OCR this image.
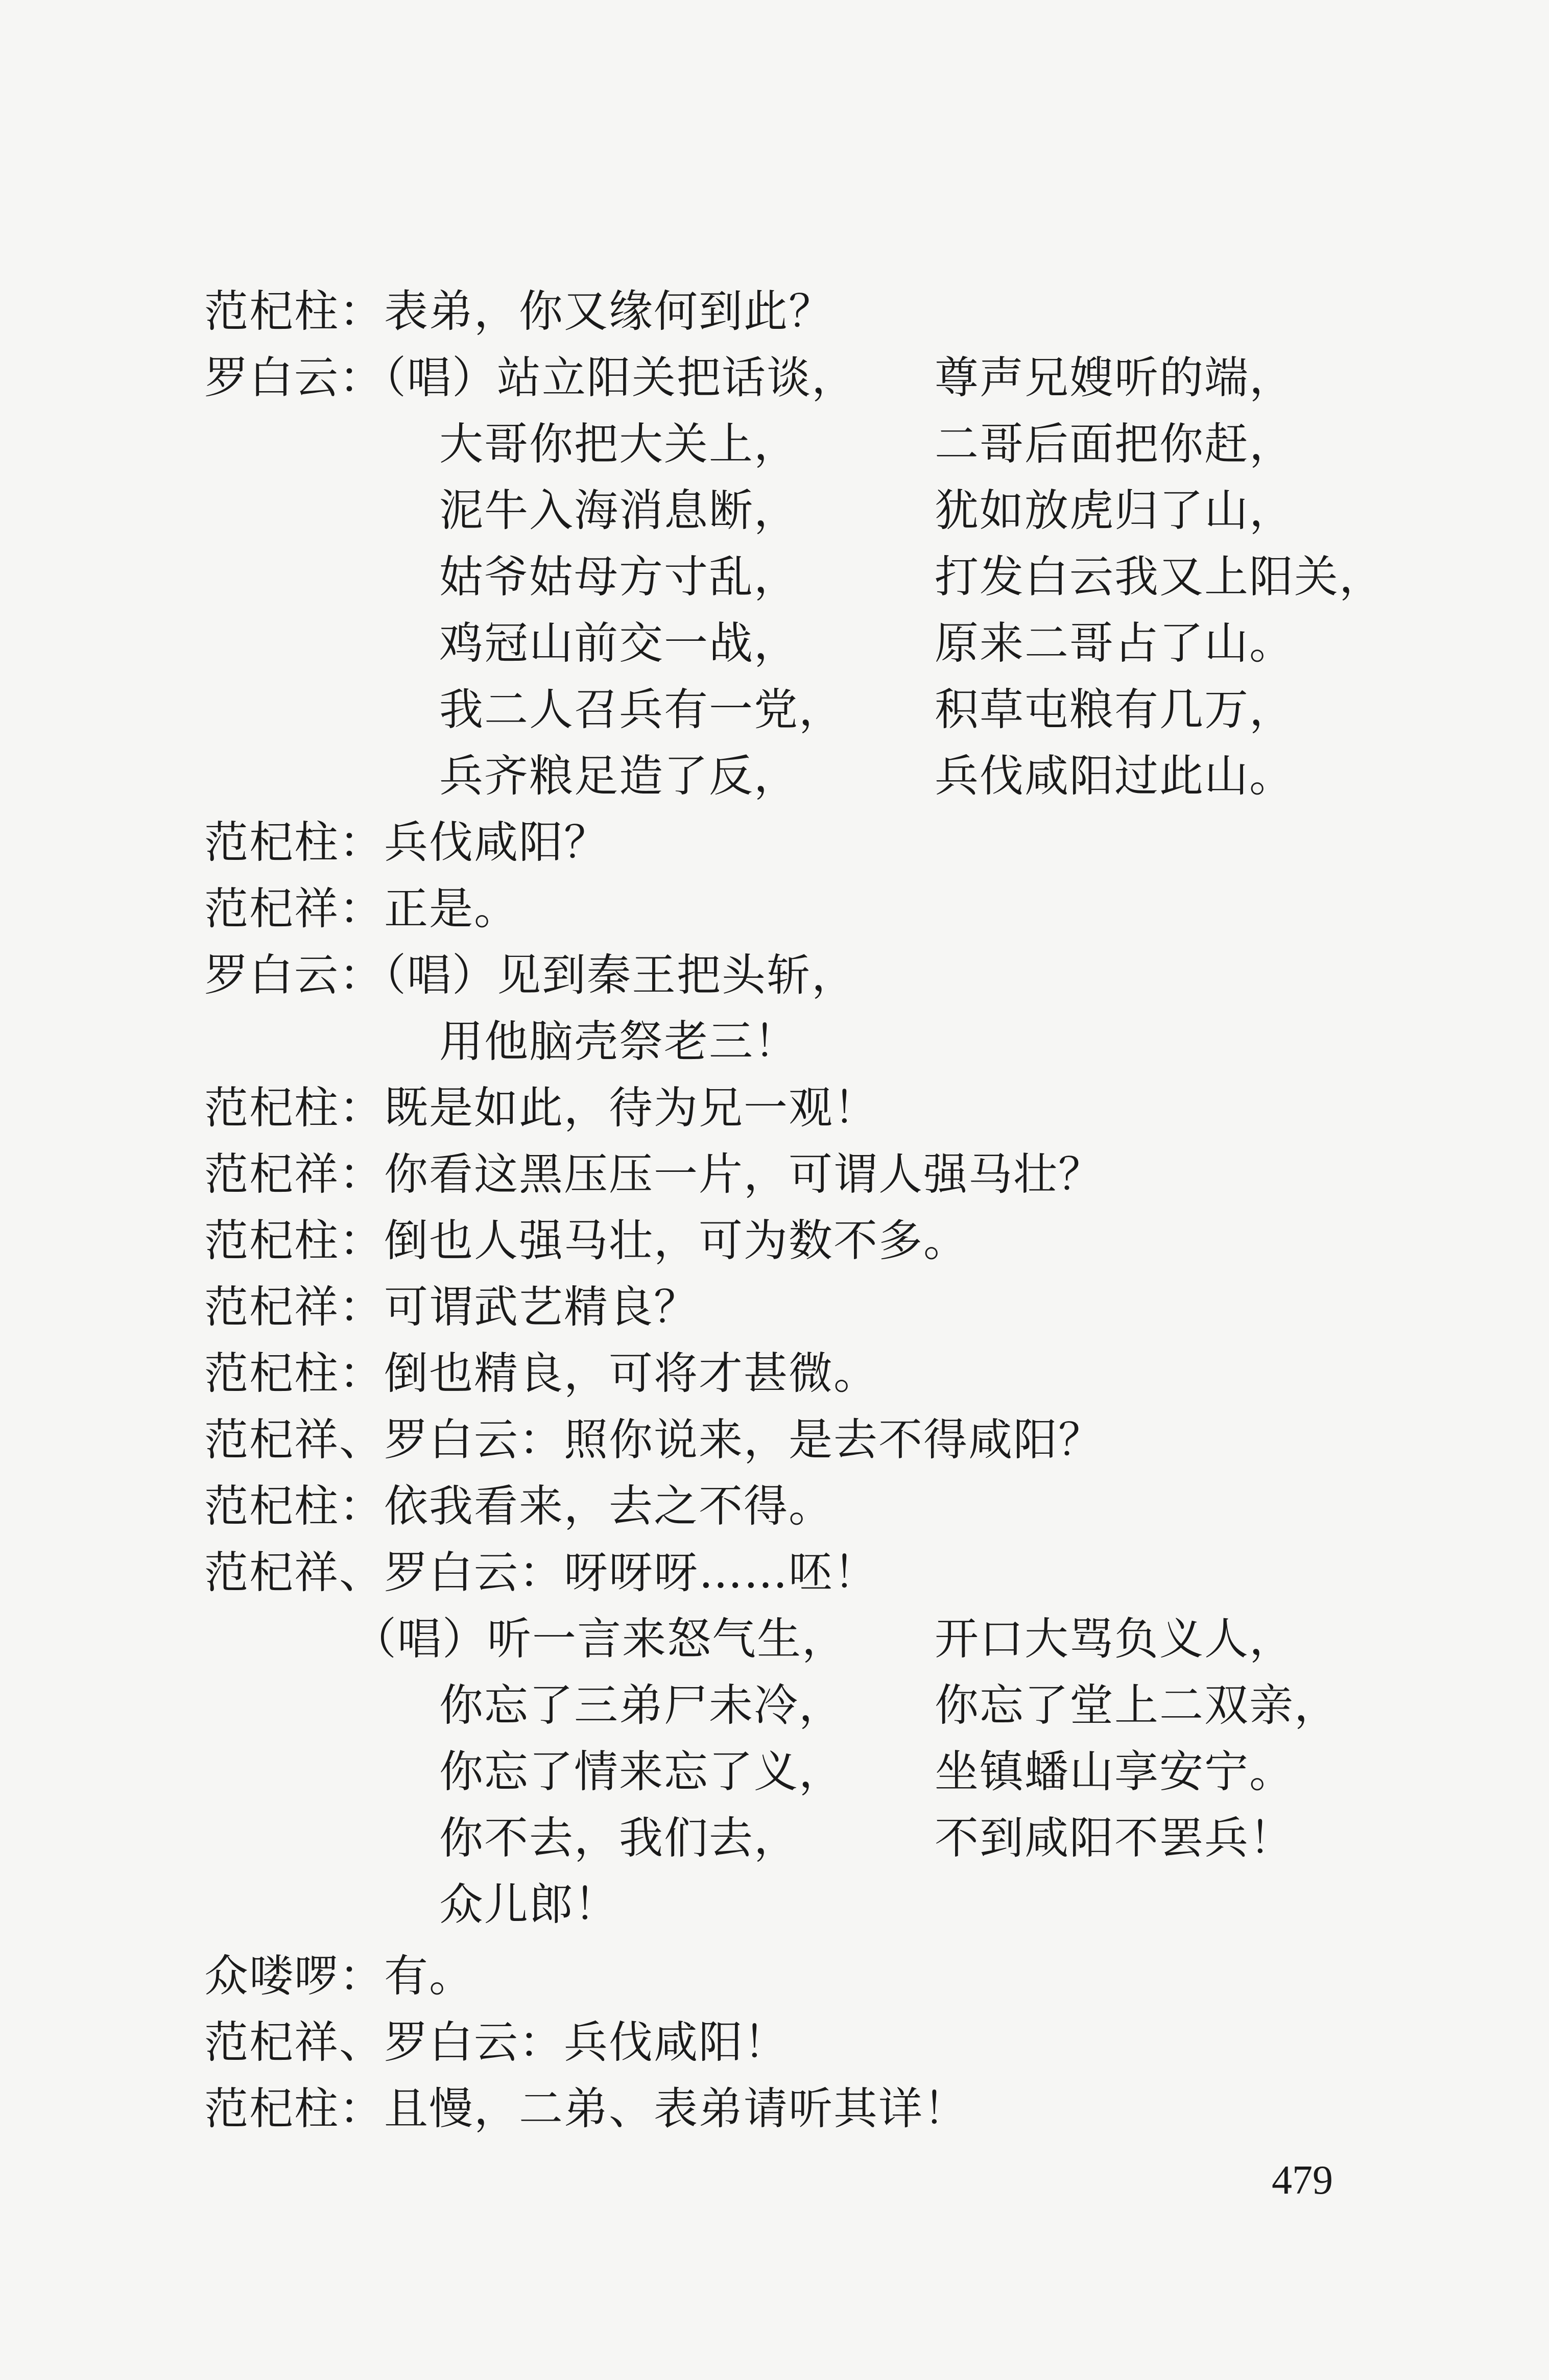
范杞柱：表弟，你又缘何到此？
罗白云：（唱）站立阳关把话谈， 尊声兄嫂听的端，
大哥你把大关上，	二哥后面把你赶，
泥牛入海消息断，	犹如放虎归了山，
姑爷姑母方寸乱，	打发白云我又上阳关，
鸡冠山前交一战，	原来二哥占了山。
我二人召兵有一党， 积草屯粮有几万，
兵齐粮足造了反，	兵伐咸阳过此山。
范杞柱：兵伐咸阳？
范杞祥：正是。
罗白云：（唱）见到秦王把头斩，
用他脑壳祭老三！
范杞柱：既是如此，待为兄一观！
范杞祥：你看这黑压压一片，可谓人强马壮？
范杞柱：倒也人强马壮，可为数不多。
范杞祥：可谓武艺精良？
范杞柱：倒也精良，可将才甚微。
范杞祥、罗白云：照你说来，是去不得咸阳？
范杞柱：依我看来，去之不得。
范杞祥、罗白云：呀呀呀……呸！
（唱）听一言来怒气生， 开口大骂负义人，
你忘了三弟尸未冷， 你忘了堂上二双亲，
你忘了情来忘了义， 坐镇蟠山享安宁。
你不去，我们去，	不到咸阳不罢兵！
众儿郎！
众喽啰：有。
范杞祥、罗白云：兵伐咸阳！
范杞柱：且慢，二弟、表弟请听其详！
479
